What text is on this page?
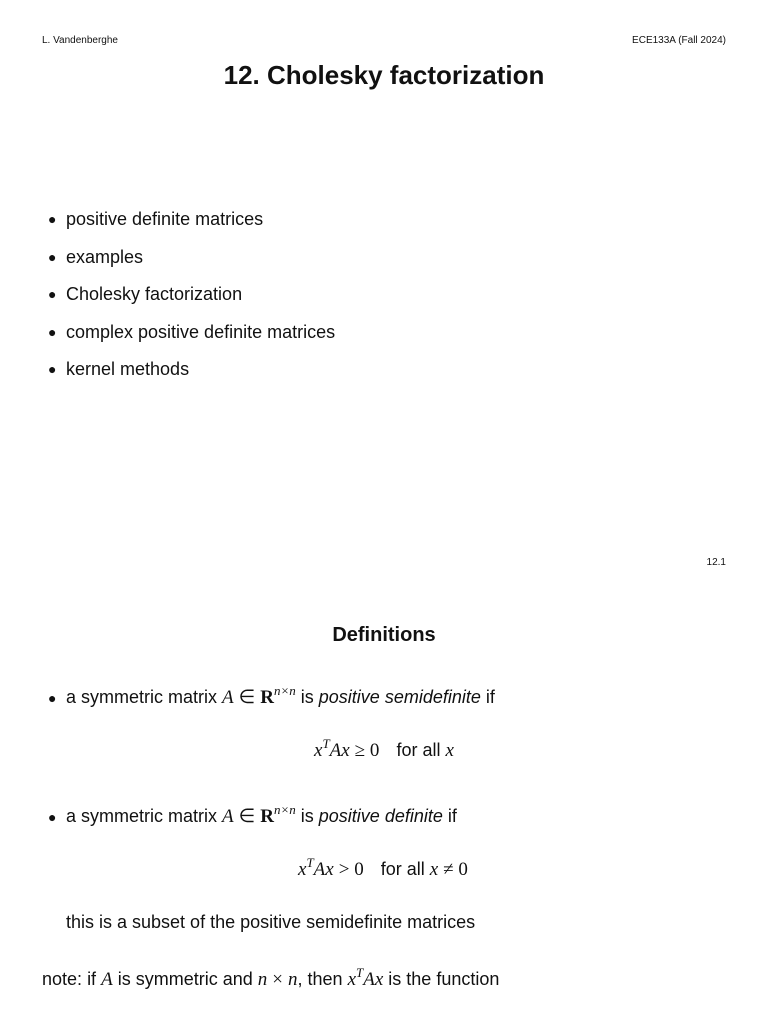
L. Vandenberghe	ECE133A (Fall 2024)
12. Cholesky factorization
● positive definite matrices
● examples
● Cholesky factorization
● complex positive definite matrices
● kernel methods
12.1
Definitions
● a symmetric matrix A ∈ $R^{n\times n}$ is positive semidefinite if
$x^TAx \ge 0$ for all x
● a symmetric matrix A ∈ $R^{n\times n}$ is positive definite if
$x^TAx > 0$ for all x ≠ 0
this is a subset of the positive semidefinite matrices
note: if A is symmetric and n × n, then $x^TAx$ is the function
